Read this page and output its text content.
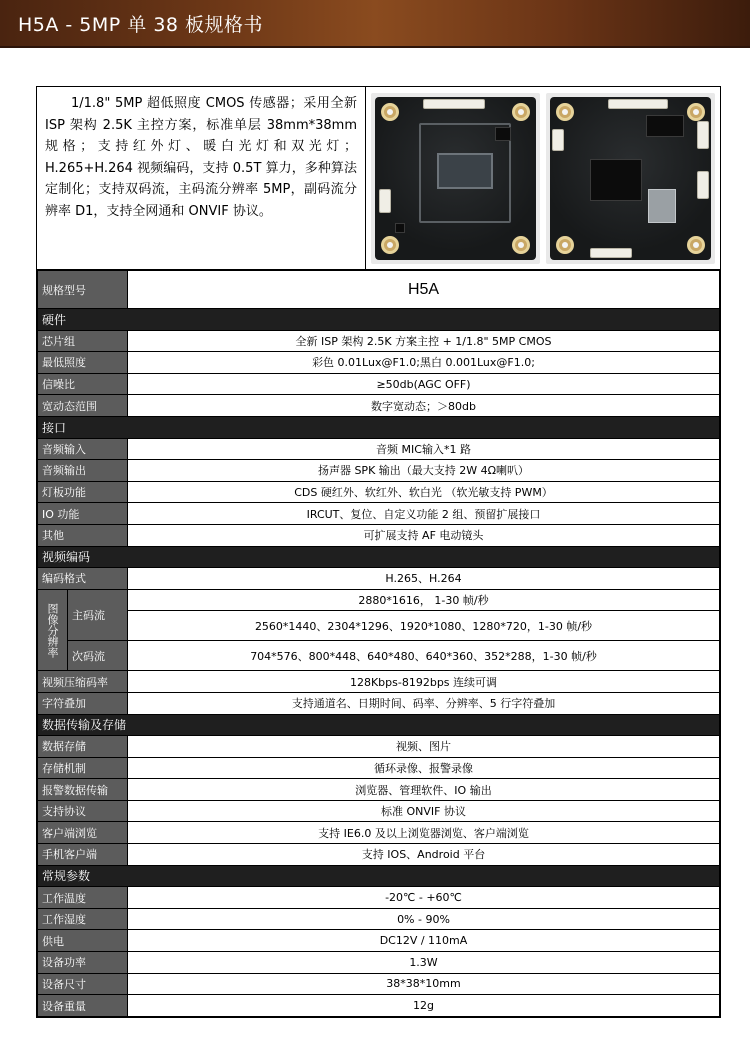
H5A - 5MP 单 38 板规格书
1/1.8" 5MP 超低照度 CMOS 传感器；采用全新 ISP 架构 2.5K 主控方案，标准单层 38mm*38mm 规格；支持红外灯、暖白光灯和双光灯；H.265+H.264 视频编码，支持 0.5T 算力，多种算法定制化；支持双码流，主码流分辨率 5MP，副码流分辨率 D1，支持全网通和 ONVIF 协议。
规格型号		H5A
硬件		
芯片组		全新 ISP 架构 2.5K 方案主控 + 1/1.8" 5MP CMOS
最低照度		彩色 0.01Lux@F1.0;黑白 0.001Lux@F1.0;
信噪比		≥50db(AGC OFF)
宽动态范围		数字宽动态；＞80db
接口		
音频输入		音频 MIC输入*1 路
音频输出		扬声器 SPK 输出（最大支持 2W 4Ω喇叭）
灯板功能		CDS 硬红外、软红外、软白光 （软光敏支持 PWM）
IO 功能		IRCUT、复位、自定义功能 2 组、预留扩展接口
其他		可扩展支持 AF 电动镜头
视频编码		
编码格式		H.265、H.264
图像分辨率	主码流	2880*1616， 1-30 帧/秒
		2560*1440、2304*1296、1920*1080、1280*720，1-30 帧/秒
	次码流	704*576、800*448、640*480、640*360、352*288，1-30 帧/秒
视频压缩码率		128Kbps-8192bps 连续可调
字符叠加		支持通道名、日期时间、码率、分辨率、5 行字符叠加
数据传输及存储		
数据存储		视频、图片
存储机制		循环录像、报警录像
报警数据传输		浏览器、管理软件、IO 输出
支持协议		标准 ONVIF 协议
客户端浏览		支持 IE6.0 及以上浏览器浏览、客户端浏览
手机客户端		支持 IOS、Android 平台
常规参数		
工作温度		-20℃ - +60℃
工作湿度		0% - 90%
供电		DC12V / 110mA
设备功率		1.3W
设备尺寸		38*38*10mm
设备重量		12g
